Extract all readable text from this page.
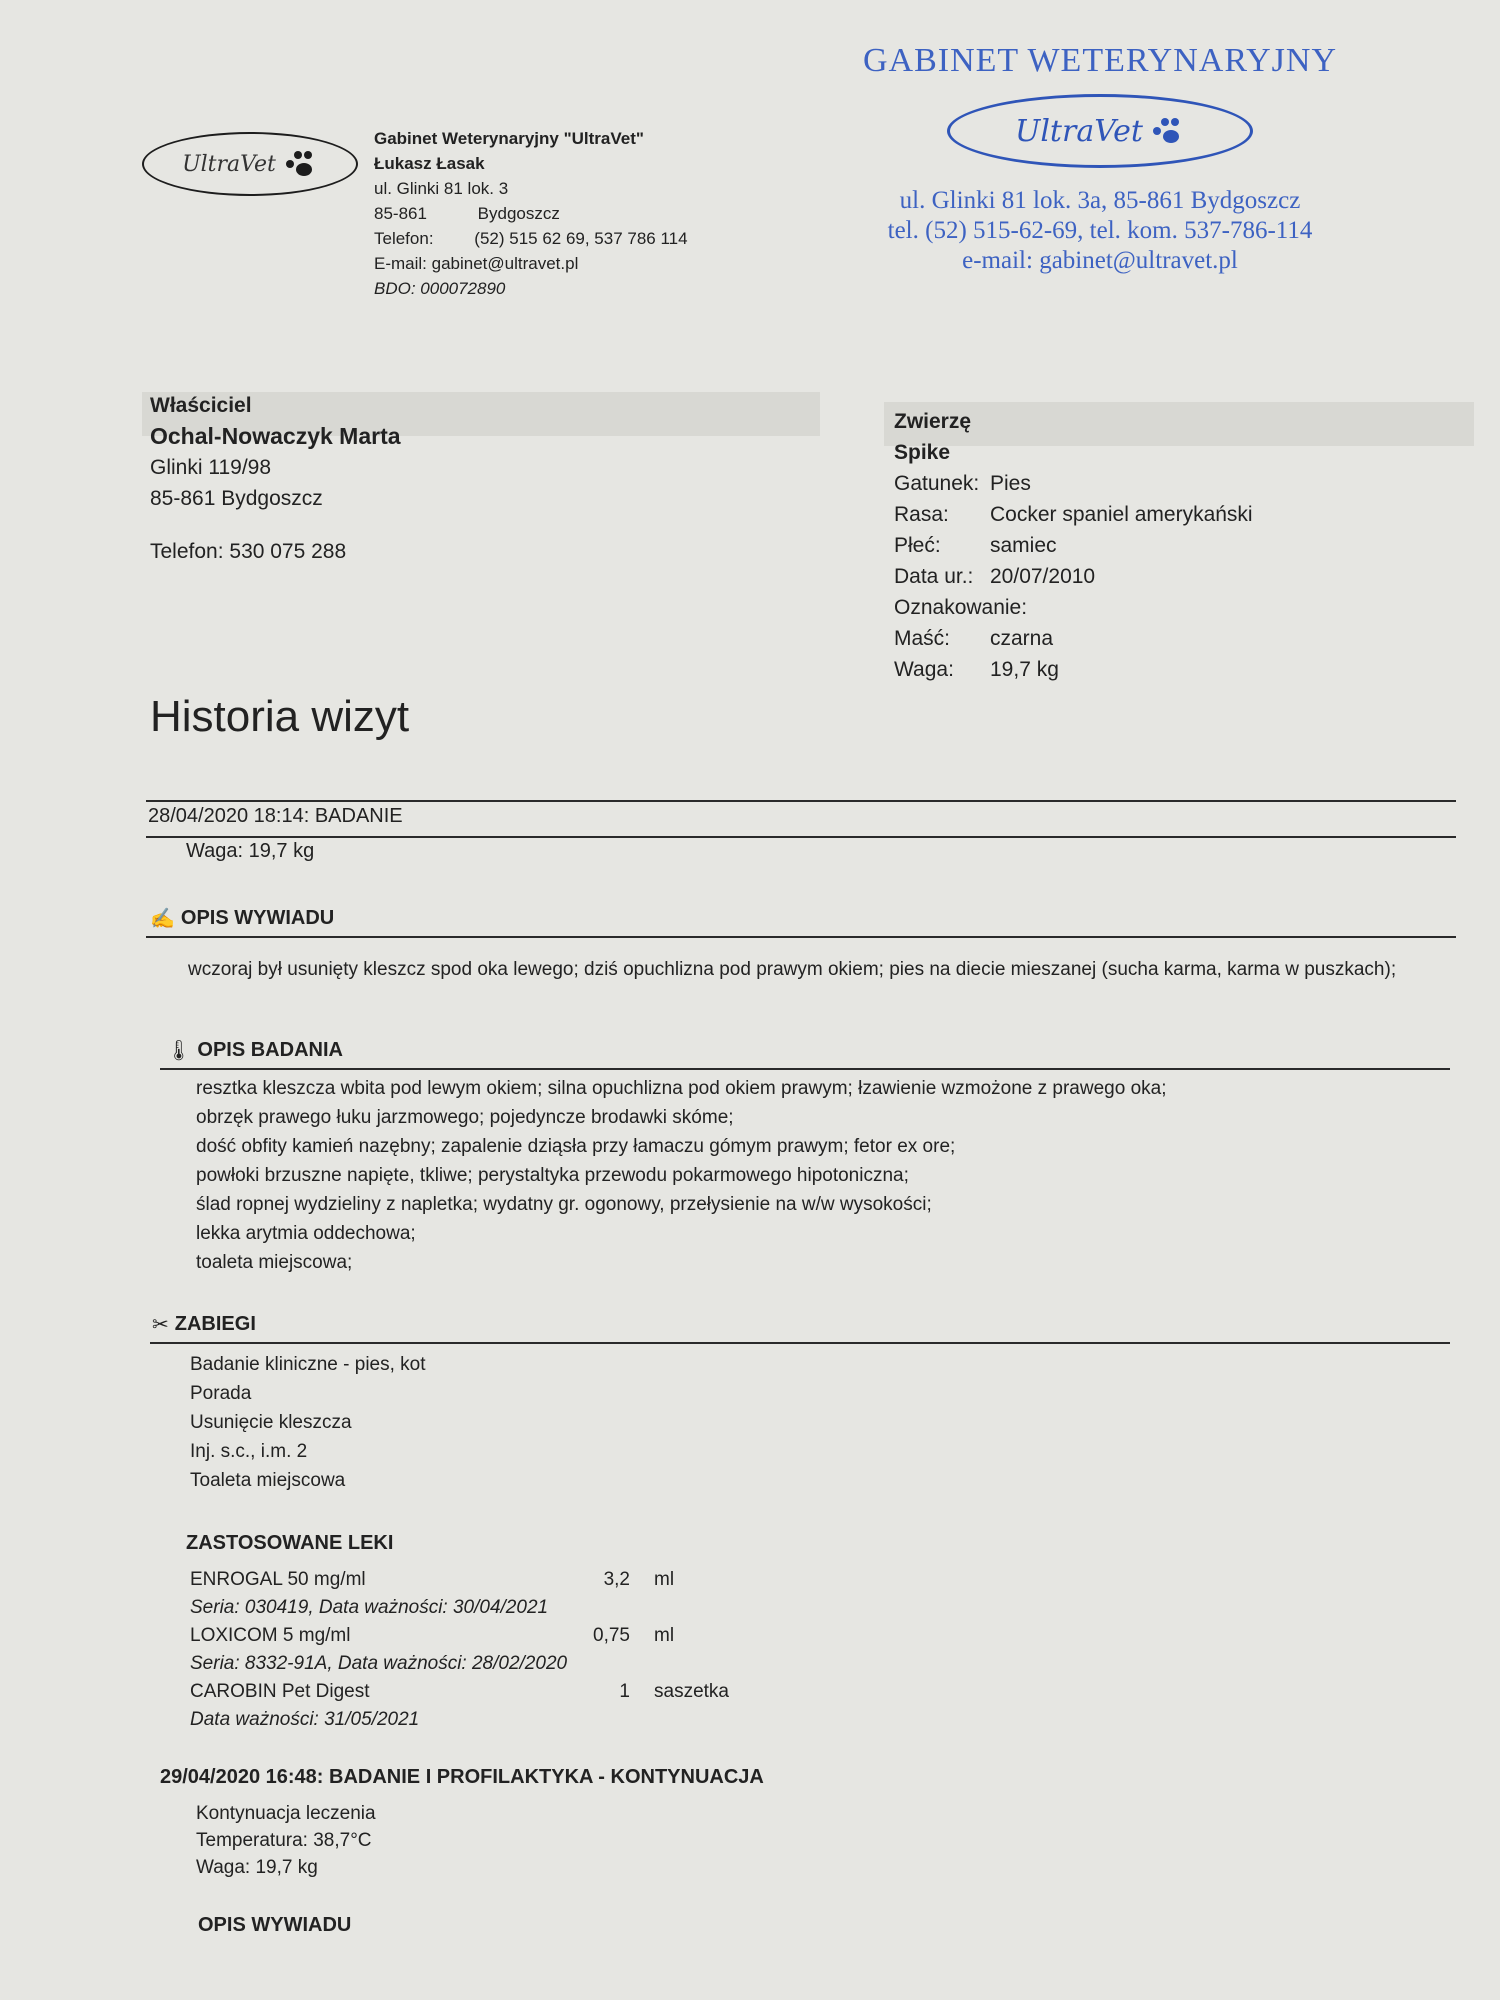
UltraVet
Gabinet Weterynaryjny "UltraVet"
Łukasz Łasak
ul. Glinki 81 lok. 3
85-861	Bydgoszcz
Telefon: (52) 515 62 69, 537 786 114
E-mail: gabinet@ultravet.pl
BDO: 000072890
GABINET WETERYNARYJNY
UltraVet
ul. Glinki 81 lok. 3a, 85-861 Bydgoszcz
tel. (52) 515-62-69, tel. kom. 537-786-114
e-mail: gabinet@ultravet.pl
Właściciel
Ochal-Nowaczyk Marta
Glinki 119/98
85-861 Bydgoszcz
Telefon: 530 075 288
Zwierzę
Spike
Gatunek: Pies
Rasa:	Cocker spaniel amerykański
Płeć:	samiec
Data ur.: 20/07/2010
Oznakowanie:
Maść:	czarna
Waga:	19,7 kg
Historia wizyt
28/04/2020 18:14: BADANIE
Waga: 19,7 kg
✍ OPIS WYWIADU
wczoraj był usunięty kleszcz spod oka lewego; dziś opuchlizna pod prawym okiem; pies na diecie mieszanej (sucha karma, karma w puszkach);
🌡 OPIS BADANIA
resztka kleszcza wbita pod lewym okiem; silna opuchlizna pod okiem prawym; łzawienie wzmożone z prawego oka;
obrzęk prawego łuku jarzmowego; pojedyncze brodawki skóme;
dość obfity kamień nazębny; zapalenie dziąsła przy łamaczu gómym prawym; fetor ex ore;
powłoki brzuszne napięte, tkliwe; perystaltyka przewodu pokarmowego hipotoniczna;
ślad ropnej wydzieliny z napletka; wydatny gr. ogonowy, przełysienie na w/w wysokości;
lekka arytmia oddechowa;
toaleta miejscowa;
✂ ZABIEGI
Badanie kliniczne - pies, kot
Porada
Usunięcie kleszcza
Inj. s.c., i.m. 2
Toaleta miejscowa
ZASTOSOWANE LEKI
ENROGAL 50 mg/ml	3,2 ml
Seria: 030419, Data ważności: 30/04/2021
LOXICOM 5 mg/ml	0,75 ml
Seria: 8332-91A, Data ważności: 28/02/2020
CAROBIN Pet Digest	1 saszetka
Data ważności: 31/05/2021
29/04/2020 16:48: BADANIE I PROFILAKTYKA - KONTYNUACJA
Kontynuacja leczenia
Temperatura: 38,7°C
Waga: 19,7 kg
OPIS WYWIADU
